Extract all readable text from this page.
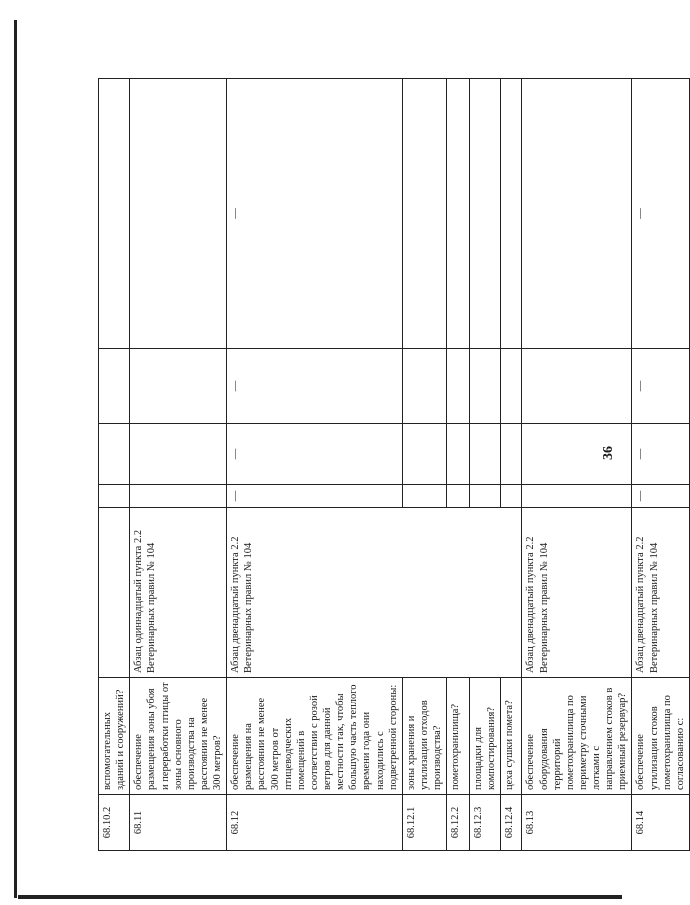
36
68.10.2	вспомогательных зданий и сооружений?					
68.11	обеспечение размещения зоны убоя и переработки птицы от зоны основного производства на расстоянии не менее 300 метров?	Абзац одиннадцатый пункта 2.2 Ветеринарных правил № 104				
68.12	обеспечение размещения на расстоянии не менее 300 метров от птицеводческих помещений в соответствии с розой ветров для данной местности так, чтобы большую часть теплого времени года они находились с подветренной стороны:	Абзац двенадцатый пункта 2.2 Ветеринарных правил № 104	—	—	—	—
68.12.1	зоны хранения и утилизации отходов производства?					
68.12.2	пометохранилища?					
68.12.3	площадки для компостирования?					
68.12.4	цеха сушки помета?					
68.13	обеспечение оборудования территорий пометохранилища по периметру сточными лотками с направлением стоков в приемный резервуар?	Абзац двенадцатый пункта 2.2 Ветеринарных правил № 104				
68.14	обеспечение утилизации стоков пометохранилища по согласованию с:	Абзац двенадцатый пункта 2.2 Ветеринарных правил № 104	—	—	—	—
